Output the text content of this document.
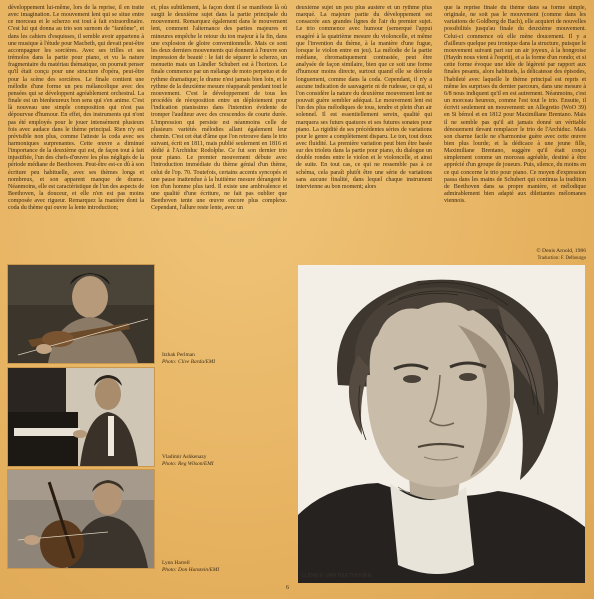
développement lui-même, lors de la reprise, il en traite avec imagination. Le mouvement lent qui se situe entre ce morceau et le scherzo est tout à fait extraordinaire. C'est lui qui donna au trio son surnom de "fantôme", et dans les cahiers d'esquisses, il semble avoir appartenu à une musique à l'étude pour Macbeth, qui devait peut-être accompagner les sorcières. Avec ses trilles et ses trémolos dans la partie pour piano, et vu la nature fragmentaire du matériau thématique, on pourrait penser qu'il était conçu pour une structure d'opéra, peut-être pour la scène des sorcières. Le finale contient une mélodie d'une forme un peu mélancolique avec des pensées qui se développent agréablement orchestral. La finale est un bienheureux bon sens qui s'en anime. C'est là nouveau une simple composition qui n'est pas dépourvue d'humour. En effet, des instruments qui n'ont pas été employés pour le jouer intensément plusieurs fois avec audace dans le thème principal. Rien n'y est prévisible non plus, comme l'atteste la coda avec ses harmoniques surprenantes. Cette œuvre a diminué l'importance de la deuxième qui est, de façon tout à fait injustifiée, l'un des chefs-d'œuvre les plus négligés de la période médiane de Beethoven. Peut-être est-ce dû à son écriture peu habituelle, avec ses thèmes longs et nombreux, et son apparent manque de drame. Néanmoins, elle est caractéristique de l'un des aspects de Beethoven, la douceur, et elle n'en est pas moins composée avec rigueur. Remarquez la manière dont la coda du thème qui ouvre la lente introduction;

et, plus subtilement, la façon dont il se manifeste là où surgit le deuxième sujet dans la partie principale du mouvement. Remarquez également dans le mouvement lent, comment l'alternance des parties majeures et mineures empêche le retour du ton majeur à la fin, dans une explosion de gloire conventionnelle. Mais ce sont les deux derniers mouvements qui donnent à l'œuvre son impression de beauté : le fait de séparer le scherzo, un menuetto mais un Ländler Schubert est à l'horizon. Le finale commence par un mélange de moto perpetuo et de rythme dramatique; le drame n'est jamais bien loin, et le rythme de la deuxième mesure réapparaît pendant tout le mouvement. C'est le développement de tous les procédés de réexposition entre un déploiement pour l'indication pianissimo dans l'intention évidente de tromper l'auditeur avec des crescendos de courte durée. L'impression qui persiste est néanmoins celle de plusieurs variétés mélodies allant également leur chemin. C'est cet état d'âme que l'on retrouve dans le trio suivant, écrit en 1811, mais publié seulement en 1816 et dédié à l'Archiduc Rodolphe. Ce fut son dernier trio pour piano. Le premier mouvement débute avec l'introduction immédiate du thème génial d'un thème, celui de l'op. 70. Toutefois, certains accents syncopés et une pause inattendue à la huitième mesure dérangent le ton d'un homme plus tard. Il existe une ambivalence et une qualité d'une écriture, ne fait pas oublier que Beethoven tente une œuvre encore plus complexe. Cependant, l'allure reste lente, avec un

deuxième sujet un peu plus austère et un rythme plus marqué. La majeure partie du développement est consacrée aux grandes lignes de l'air du premier sujet. Le trio commence avec humour (semerqué l'appui exagéré à la quatrième mesure du violoncelle, et même que l'invention du thème, à la manière d'une fugue, lorsque le violon entre en jeu). La mélodie de la partie médiane, chromatiquement contrastée, peut être analysée de façon similaire, bien que ce soit une forme d'humour moins directe, surtout quand elle se déroule longuement, comme dans la coda. Cependant, il n'y a aucune indication de sauvagerie ni de rudesse, ce qui, si l'on considère la nature du deuxième mouvement lent ne pouvait guère sembler adéquat. Le mouvement lent est l'un des plus mélodiques de tous, tendre et plein d'un air solennel. Il est essentiellement serein, qualité qui marquera ses futurs quatuors et ses futures sonates pour piano. La rigidité de ses précédentes séries de variations pour le genre a complètement disparu. Le ton, tout doux avec fluidité. La première variation peut bien être basée sur des triolets dans la partie pour piano, du dialogue un double rondes entre le violon et le violoncelle, et ainsi de suite. En tout cas, ce qui ne ressemble pas à ce schéma, cela paraît plutôt être une série de variations sans aucune finalité, dans lequel chaque instrument intervienne au bon moment; alors

que la reprise finale du thème dans sa forme simple, originale, ne soit pas le mouvement (comme dans les variations de Goldberg de Bach), elle acquiert de nouvelles possibilités jusqu'au finale du deuxième mouvement. Celui-ci commence où elle mène doucement. Il y a d'ailleurs quelque peu ironique dans la structure, puisque le mouvement suivant part sur un air joyeux, à la hongroise (Haydn nous vient à l'esprit), et a la forme d'un rondo; et si cette forme évoque une idée de légèreté par rapport aux finales pesants, alors habituels, la délicatesse des épisodes, l'habileté avec laquelle le thème principal est repris et même les surprises du dernier parcours, dans une mesure à 6/8 nous indiquent qu'il en est autrement. Néanmoins, c'est un morceau heureux, comme l'est tout le trio. Ensuite, il écrivit seulement un mouvement: un Allegretto (WoO 39) en Si bémol et en 1812 pour Maximiliane Brentano. Mais il ne semble pas qu'il ait jamais donné un véritable dénouement devant remplacer le trio de l'Archiduc. Mais son charme facile ne s'harmonise guère avec cette œuvre bien plus lourde; et la dédicace à une jeune fille, Maximiliane Brentano, suggère qu'il était conçu simplement comme un morceau agréable, destiné à être apprécié d'un groupe de joueurs. Puis, silence, du moins en ce qui concerne le trio pour piano. Ce moyen d'expression passa dans les mains de Schubert qui continua la tradition de Beethoven dans sa propre manière, et mélodique admirablement bien adapté aux dilettantes mélomanes viennois.

© Denis Arnold, 1986
Traduction: F. Delbourgo
Itzhak Perlman
Photo: Clive Barda/EMI
Vladimir Ashkenazy
Photo: Reg Wilson/EMI
Lynn Harrell
Photo: Don Hunstein/EMI
LUDWIG VAN BEETHOVEN
6
